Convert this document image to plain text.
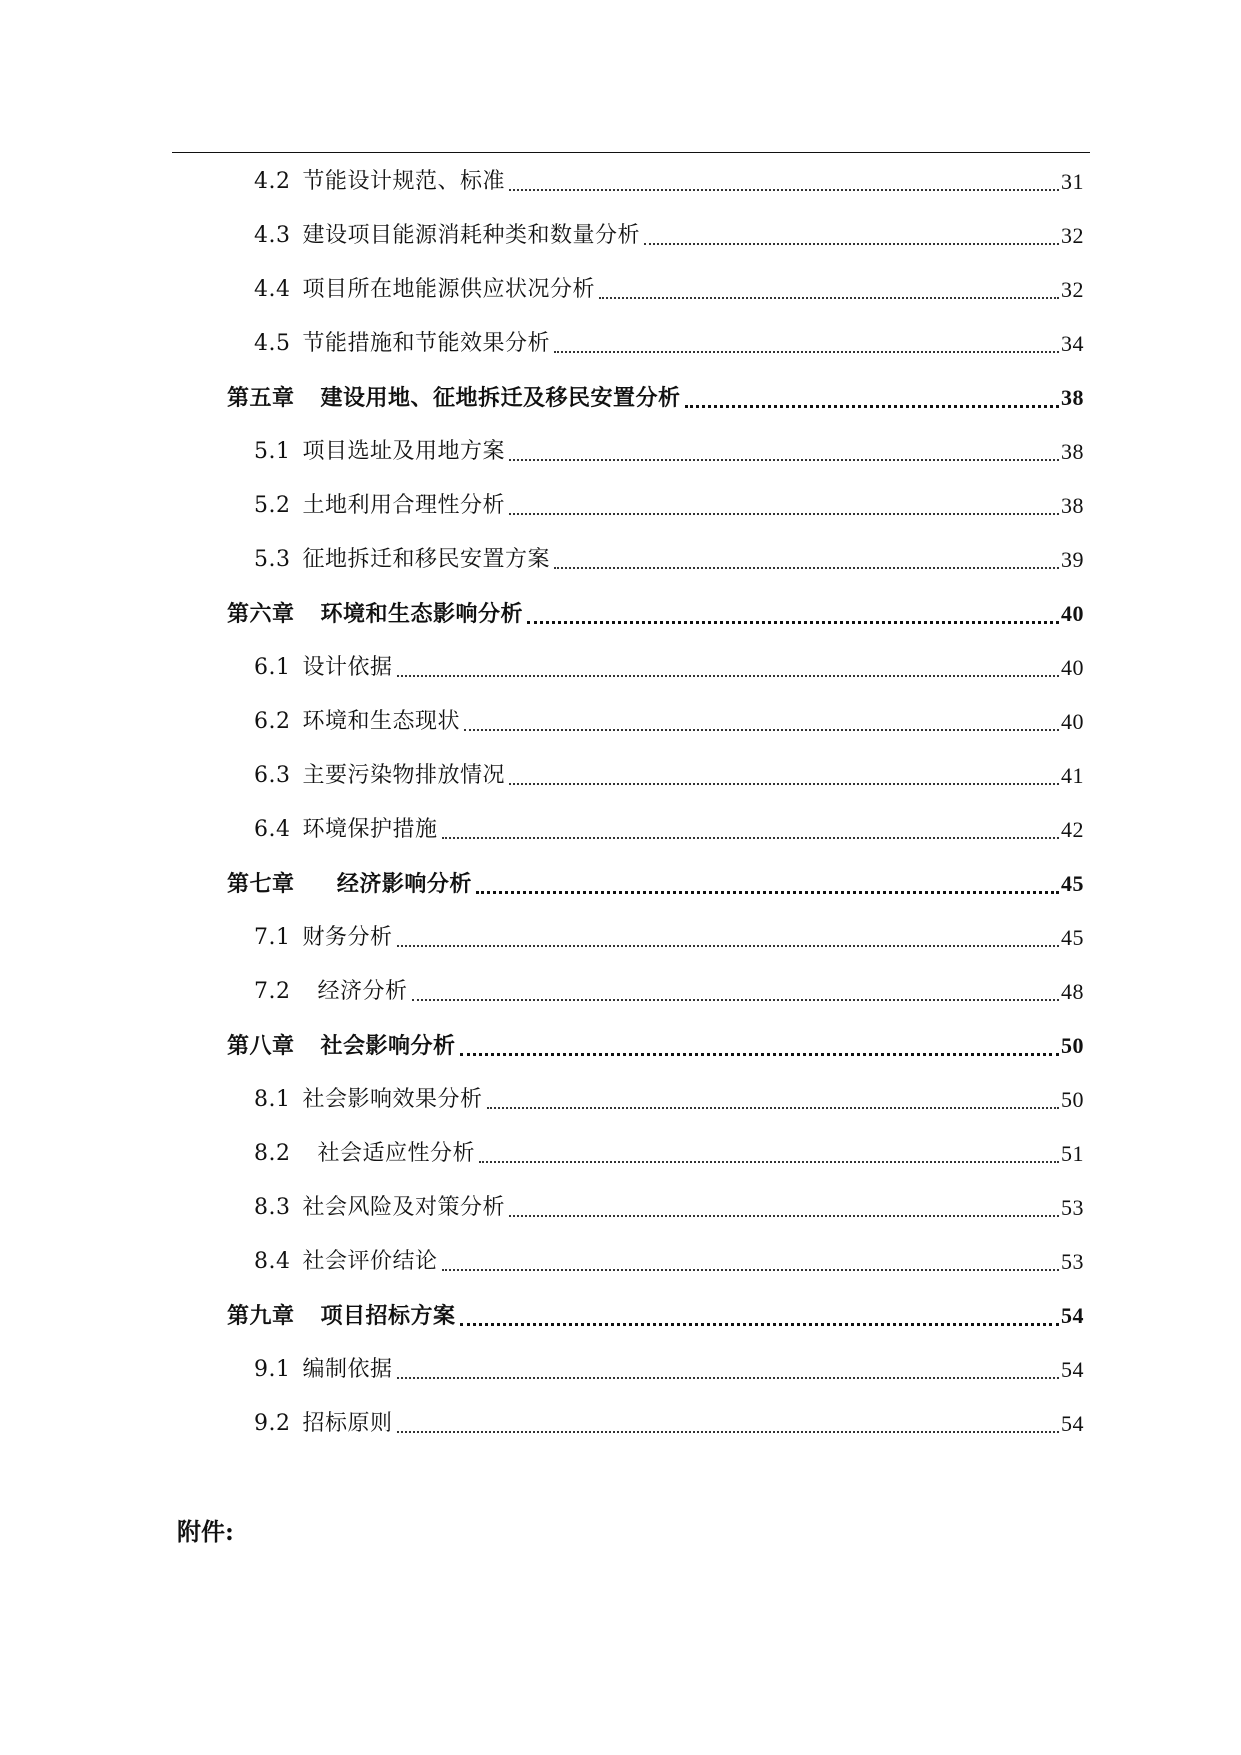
4.2 节能设计规范、标准	31
4.3 建设项目能源消耗种类和数量分析	32
4.4 项目所在地能源供应状况分析	32
4.5 节能措施和节能效果分析	34
第五章 建设用地、征地拆迁及移民安置分析	38
5.1 项目选址及用地方案	38
5.2 土地利用合理性分析	38
5.3 征地拆迁和移民安置方案	39
第六章 环境和生态影响分析	40
6.1 设计依据	40
6.2 环境和生态现状	40
6.3 主要污染物排放情况	41
6.4 环境保护措施	42
第七章 经济影响分析	45
7.1 财务分析	45
7.2 经济分析	48
第八章 社会影响分析	50
8.1 社会影响效果分析	50
8.2 社会适应性分析	51
8.3 社会风险及对策分析	53
8.4 社会评价结论	53
第九章 项目招标方案	54
9.1 编制依据	54
9.2 招标原则	54
附件:
